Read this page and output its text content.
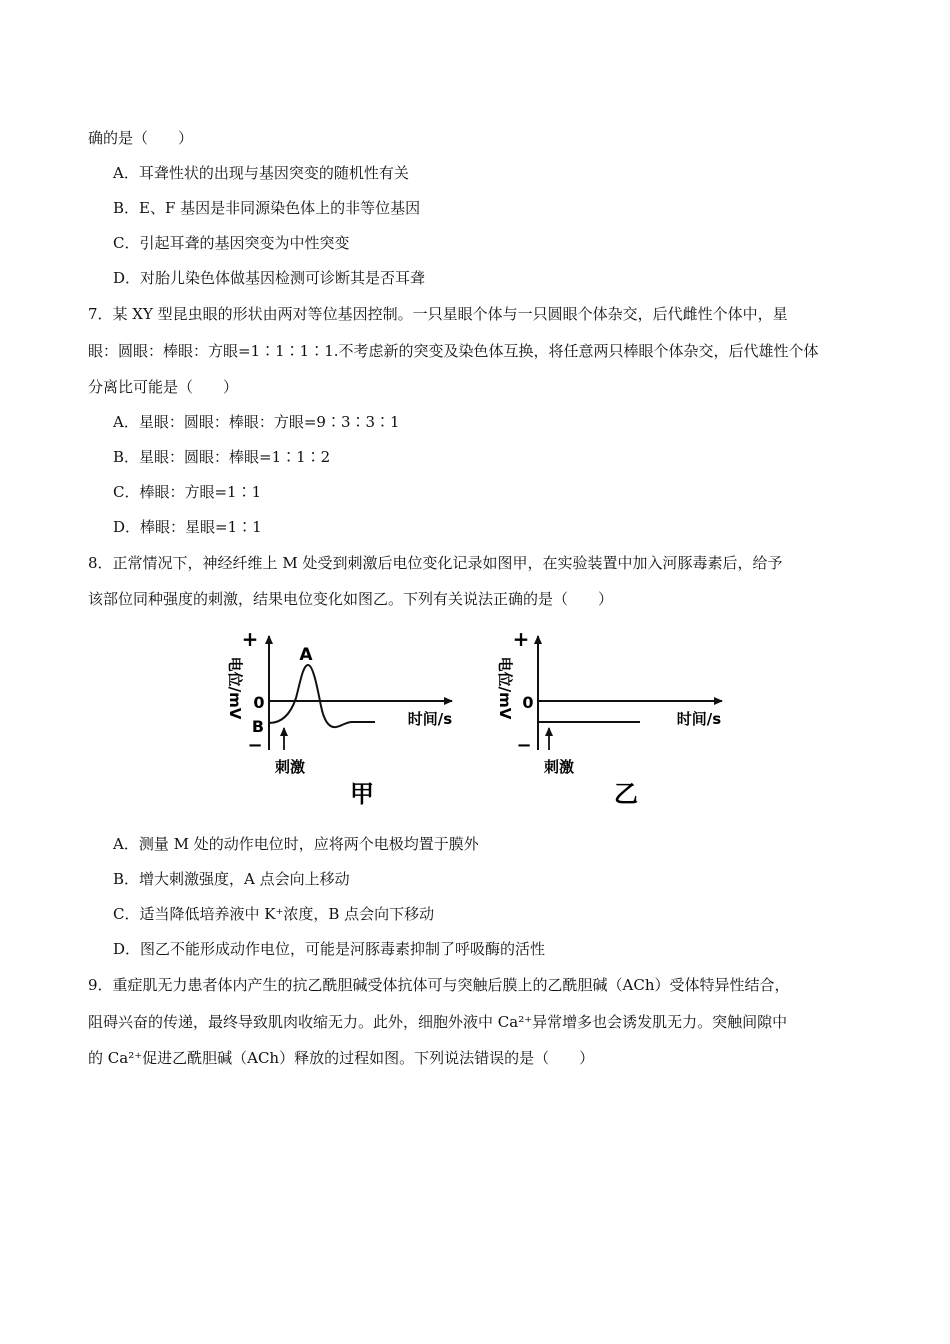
确的是（　　）
A．耳聋性状的出现与基因突变的随机性有关
B．E、F 基因是非同源染色体上的非等位基因
C．引起耳聋的基因突变为中性突变
D．对胎儿染色体做基因检测可诊断其是否耳聋
7．某 XY 型昆虫眼的形状由两对等位基因控制。一只星眼个体与一只圆眼个体杂交，后代雌性个体中，星
眼：圆眼：棒眼：方眼=1∶1∶1∶1.不考虑新的突变及染色体互换，将任意两只棒眼个体杂交，后代雄性个体
分离比可能是（　　）
A．星眼：圆眼：棒眼：方眼=9∶3∶3∶1
B．星眼：圆眼：棒眼=1∶1∶2
C．棒眼：方眼=1∶1
D．棒眼：星眼=1∶1
8．正常情况下，神经纤维上 M 处受到刺激后电位变化记录如图甲，在实验装置中加入河豚毒素后，给予
该部位同种强度的刺激，结果电位变化如图乙。下列有关说法正确的是（　　）
+
−
电位/mV 0
B
A
时间/s
刺激
甲
+
−
电位/mV 0
时间/s
刺激
乙
A．测量 M 处的动作电位时，应将两个电极均置于膜外
B．增大刺激强度，A 点会向上移动
C．适当降低培养液中 K⁺浓度，B 点会向下移动
D．图乙不能形成动作电位，可能是河豚毒素抑制了呼吸酶的活性
9．重症肌无力患者体内产生的抗乙酰胆碱受体抗体可与突触后膜上的乙酰胆碱（ACh）受体特异性结合，
阻碍兴奋的传递，最终导致肌肉收缩无力。此外，细胞外液中 Ca²⁺异常增多也会诱发肌无力。突触间隙中
的 Ca²⁺促进乙酰胆碱（ACh）释放的过程如图。下列说法错误的是（　　）
